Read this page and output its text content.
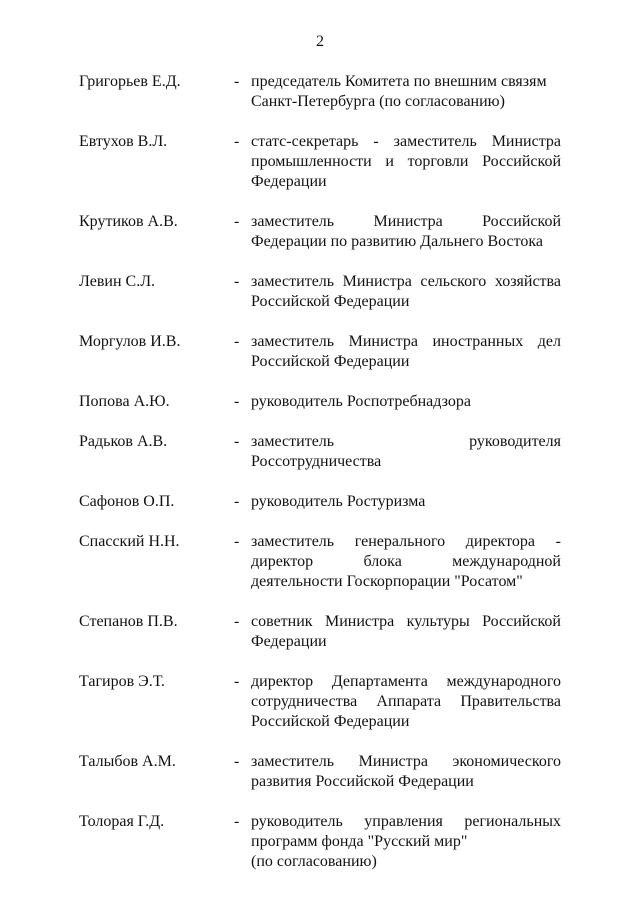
2
Григорьев Е.Д.	- председатель Комитета по внешним связям
Санкт-Петербурга (по согласованию)
Евтухов В.Л.	- статс-секретарь - заместитель Министра промышленности и торговли Российской Федерации
Крутиков А.В.	- заместитель Министра Российской Федерации по развитию Дальнего Востока
Левин С.Л.	- заместитель Министра сельского хозяйства Российской Федерации
Моргулов И.В.	- заместитель Министра иностранных дел Российской Федерации
Попова А.Ю.	- руководитель Роспотребнадзора
Радьков А.В.	- заместитель руководителя Россотрудничества
Сафонов О.П.	- руководитель Ростуризма
Спасский Н.Н.	- заместитель генерального директора - директор блока международной деятельности Госкорпорации "Росатом"
Степанов П.В.	- советник Министра культуры Российской Федерации
Тагиров Э.Т.	- директор Департамента международного сотрудничества Аппарата Правительства Российской Федерации
Талыбов А.М.	- заместитель Министра экономического развития Российской Федерации
Толорая Г.Д.	- руководитель управления региональных программ фонда "Русский мир"
(по согласованию)
